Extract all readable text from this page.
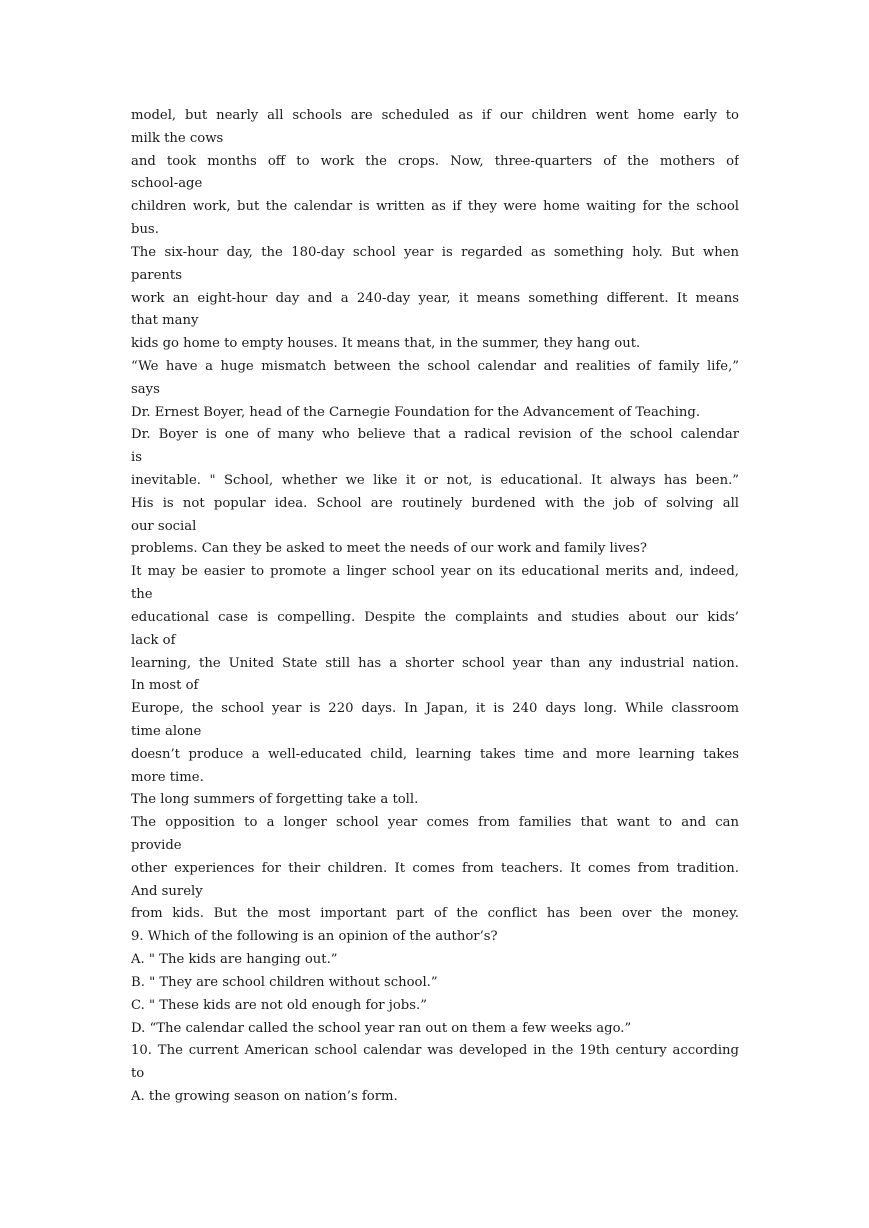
model, but nearly all schools are scheduled as if our children went home early to
milk the cows
and took months off to work the crops. Now, three-quarters of the mothers of
school-age
children work, but the calendar is written as if they were home waiting for the school
bus.
The six-hour day, the 180-day school year is regarded as something holy. But when
parents
work an eight-hour day and a 240-day year, it means something different. It means
that many
kids go home to empty houses. It means that, in the summer, they hang out.
“We have a huge mismatch between the school calendar and realities of family life,”
says
Dr. Ernest Boyer, head of the Carnegie Foundation for the Advancement of Teaching.
Dr. Boyer is one of many who believe that a radical revision of the school calendar
is
inevitable. " School, whether we like it or not, is educational. It always has been.”
His is not popular idea. School are routinely burdened with the job of solving all
our social
problems. Can they be asked to meet the needs of our work and family lives?
It may be easier to promote a linger school year on its educational merits and, indeed,
the
educational case is compelling. Despite the complaints and studies about our kids’
lack of
learning, the United State still has a shorter school year than any industrial nation.
In most of
Europe, the school year is 220 days. In Japan, it is 240 days long. While classroom
time alone
doesn’t produce a well-educated child, learning takes time and more learning takes
more time.
The long summers of forgetting take a toll.
The opposition to a longer school year comes from families that want to and can
provide
other experiences for their children. It comes from teachers. It comes from tradition.
And surely
from kids. But the most important part of the conflict has been over the money.
9. Which of the following is an opinion of the author’s?
A. " The kids are hanging out.”
B. " They are school children without school.”
C. " These kids are not old enough for jobs.”
D. “The calendar called the school year ran out on them a few weeks ago.”
10. The current American school calendar was developed in the 19th century according
to
A. the growing season on nation’s form.
